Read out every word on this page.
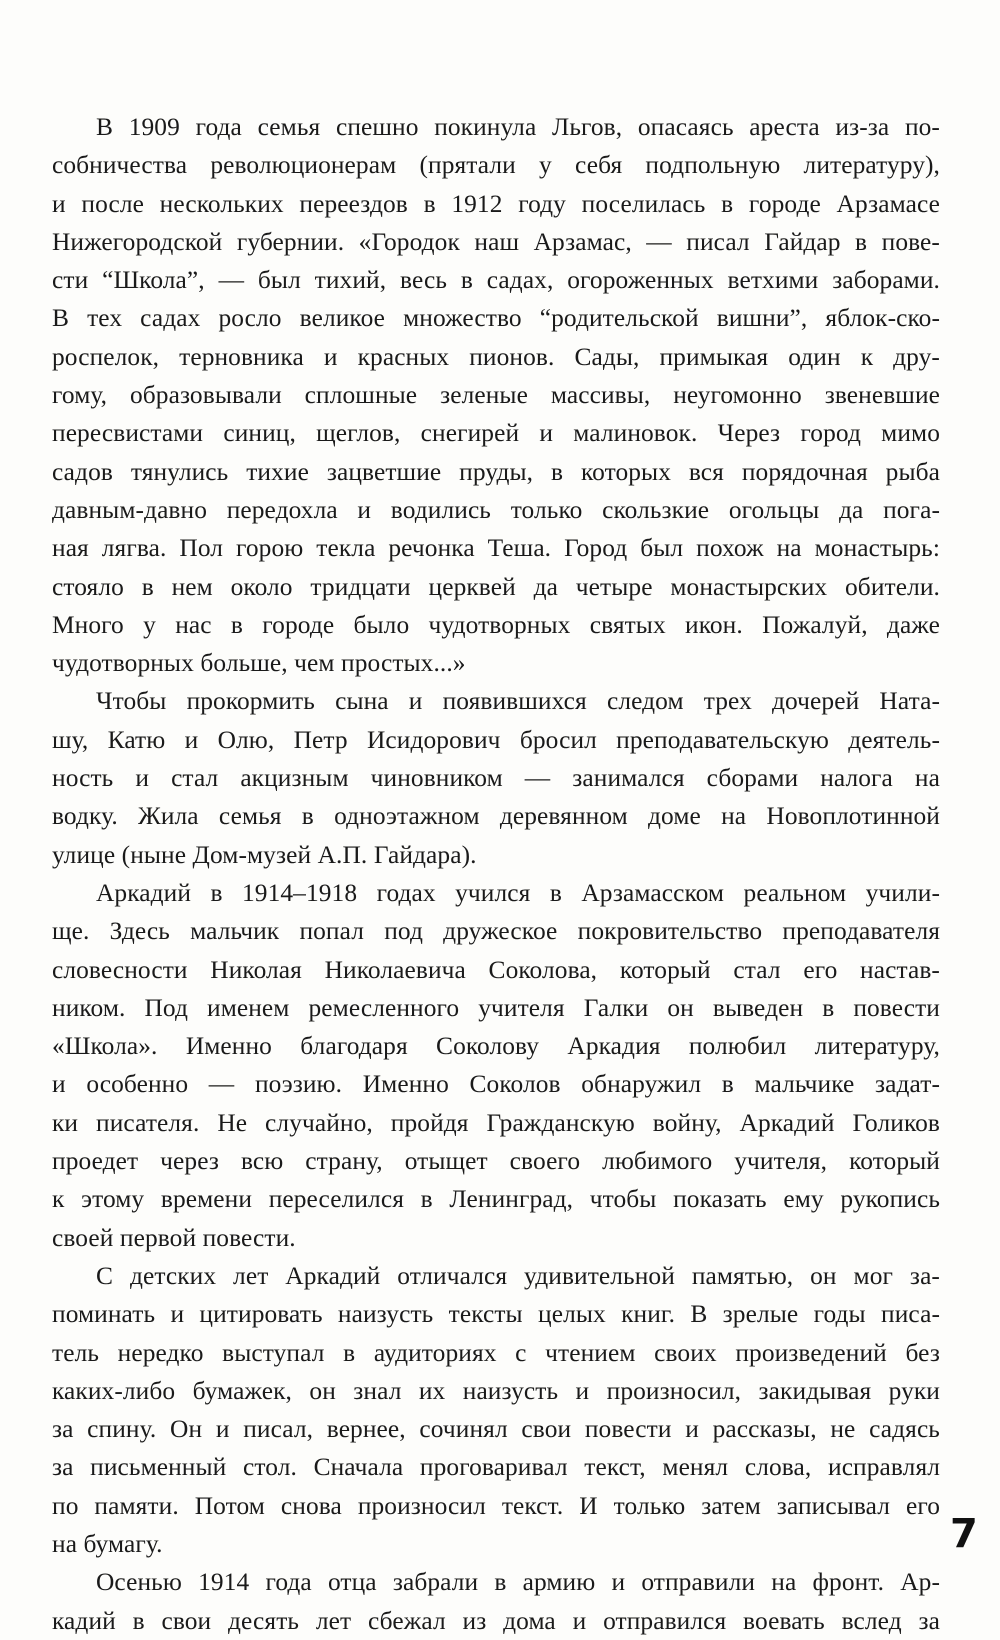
В 1909 года семья спешно покинула Льгов, опасаясь ареста из-за по-
собничества революционерам (прятали у себя подпольную литературу),
и после нескольких переездов в 1912 году поселилась в городе Арзамасе
Нижегородской губернии. «Городок наш Арзамас, — писал Гайдар в пове-
сти “Школа”, — был тихий, весь в садах, огороженных ветхими заборами.
В тех садах росло великое множество “родительской вишни”, яблок-ско-
роспелок, терновника и красных пионов. Сады, примыкая один к дру-
гому, образовывали сплошные зеленые массивы, неугомонно звеневшие
пересвистами синиц, щеглов, снегирей и малиновок. Через город мимо
садов тянулись тихие зацветшие пруды, в которых вся порядочная рыба
давным-давно передохла и водились только скользкие огольцы да пога-
ная лягва. Пол горою текла речонка Теша. Город был похож на монастырь:
стояло в нем около тридцати церквей да четыре монастырских обители.
Много у нас в городе было чудотворных святых икон. Пожалуй, даже
чудотворных больше, чем простых...»
Чтобы прокормить сына и появившихся следом трех дочерей Ната-
шу, Катю и Олю, Петр Исидорович бросил преподавательскую деятель-
ность и стал акцизным чиновником — занимался сборами налога на
водку. Жила семья в одноэтажном деревянном доме на Новоплотинной
улице (ныне Дом-музей А.П. Гайдара).
Аркадий в 1914–1918 годах учился в Арзамасском реальном учили-
ще. Здесь мальчик попал под дружеское покровительство преподавателя
словесности Николая Николаевича Соколова, который стал его настав-
ником. Под именем ремесленного учителя Галки он выведен в повести
«Школа». Именно благодаря Соколову Аркадия полюбил литературу,
и особенно — поэзию. Именно Соколов обнаружил в мальчике задат-
ки писателя. Не случайно, пройдя Гражданскую войну, Аркадий Голиков
проедет через всю страну, отыщет своего любимого учителя, который
к этому времени переселился в Ленинград, чтобы показать ему рукопись
своей первой повести.
С детских лет Аркадий отличался удивительной памятью, он мог за-
поминать и цитировать наизусть тексты целых книг. В зрелые годы писа-
тель нередко выступал в аудиториях с чтением своих произведений без
каких-либо бумажек, он знал их наизусть и произносил, закидывая руки
за спину. Он и писал, вернее, сочинял свои повести и рассказы, не садясь
за письменный стол. Сначала проговаривал текст, менял слова, исправлял
по памяти. Потом снова произносил текст. И только затем записывал его
на бумагу.
Осенью 1914 года отца забрали в армию и отправили на фронт. Ар-
кадий в свои десять лет сбежал из дома и отправился воевать вслед за
7
